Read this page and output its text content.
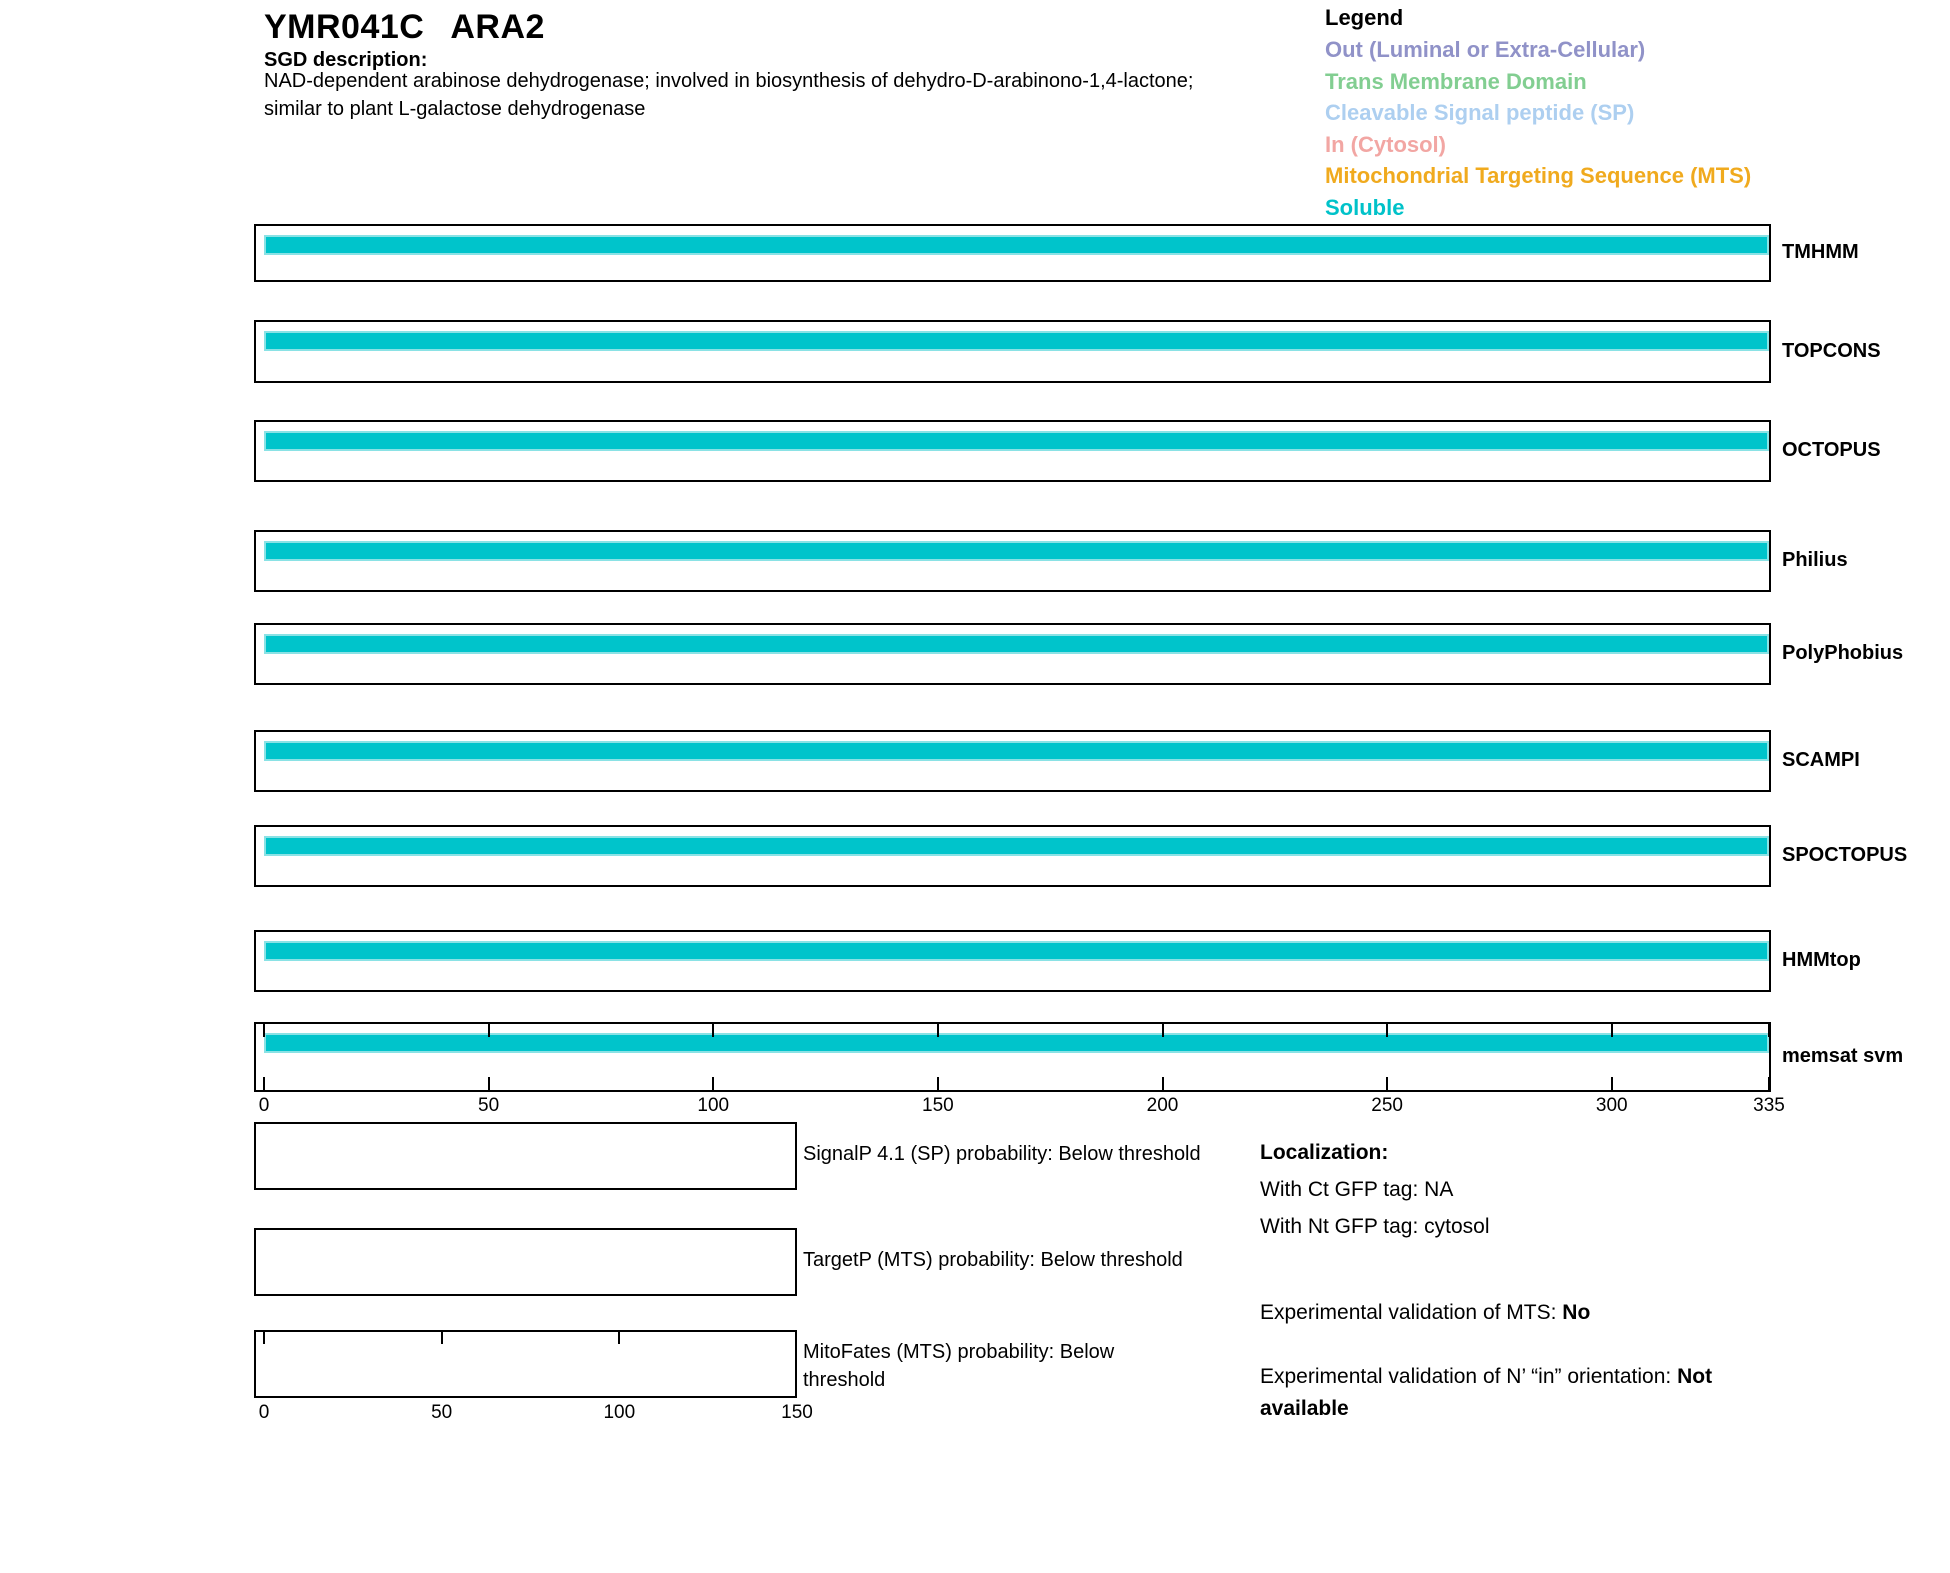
YMR041C ARA2
SGD description:
NAD-dependent arabinose dehydrogenase; involved in biosynthesis of dehydro-D-arabinono-1,4-lactone;
similar to plant L-galactose dehydrogenase
Legend
Out (Luminal or Extra-Cellular)
Trans Membrane Domain
Cleavable Signal peptide (SP)
In (Cytosol)
Mitochondrial Targeting Sequence (MTS)
Soluble
TMHMM
TOPCONS
OCTOPUS
Philius
PolyPhobius
SCAMPI
SPOCTOPUS
HMMtop
memsat svm
0	50	100	150	200	250	300	335
0	50	100	150
SignalP 4.1 (SP) probability: Below threshold
TargetP (MTS) probability: Below threshold
MitoFates (MTS) probability: Below threshold
Localization:
With Ct GFP tag: NA
With Nt GFP tag: cytosol
Experimental validation of MTS: No
Experimental validation of N’ “in” orientation: Not available
